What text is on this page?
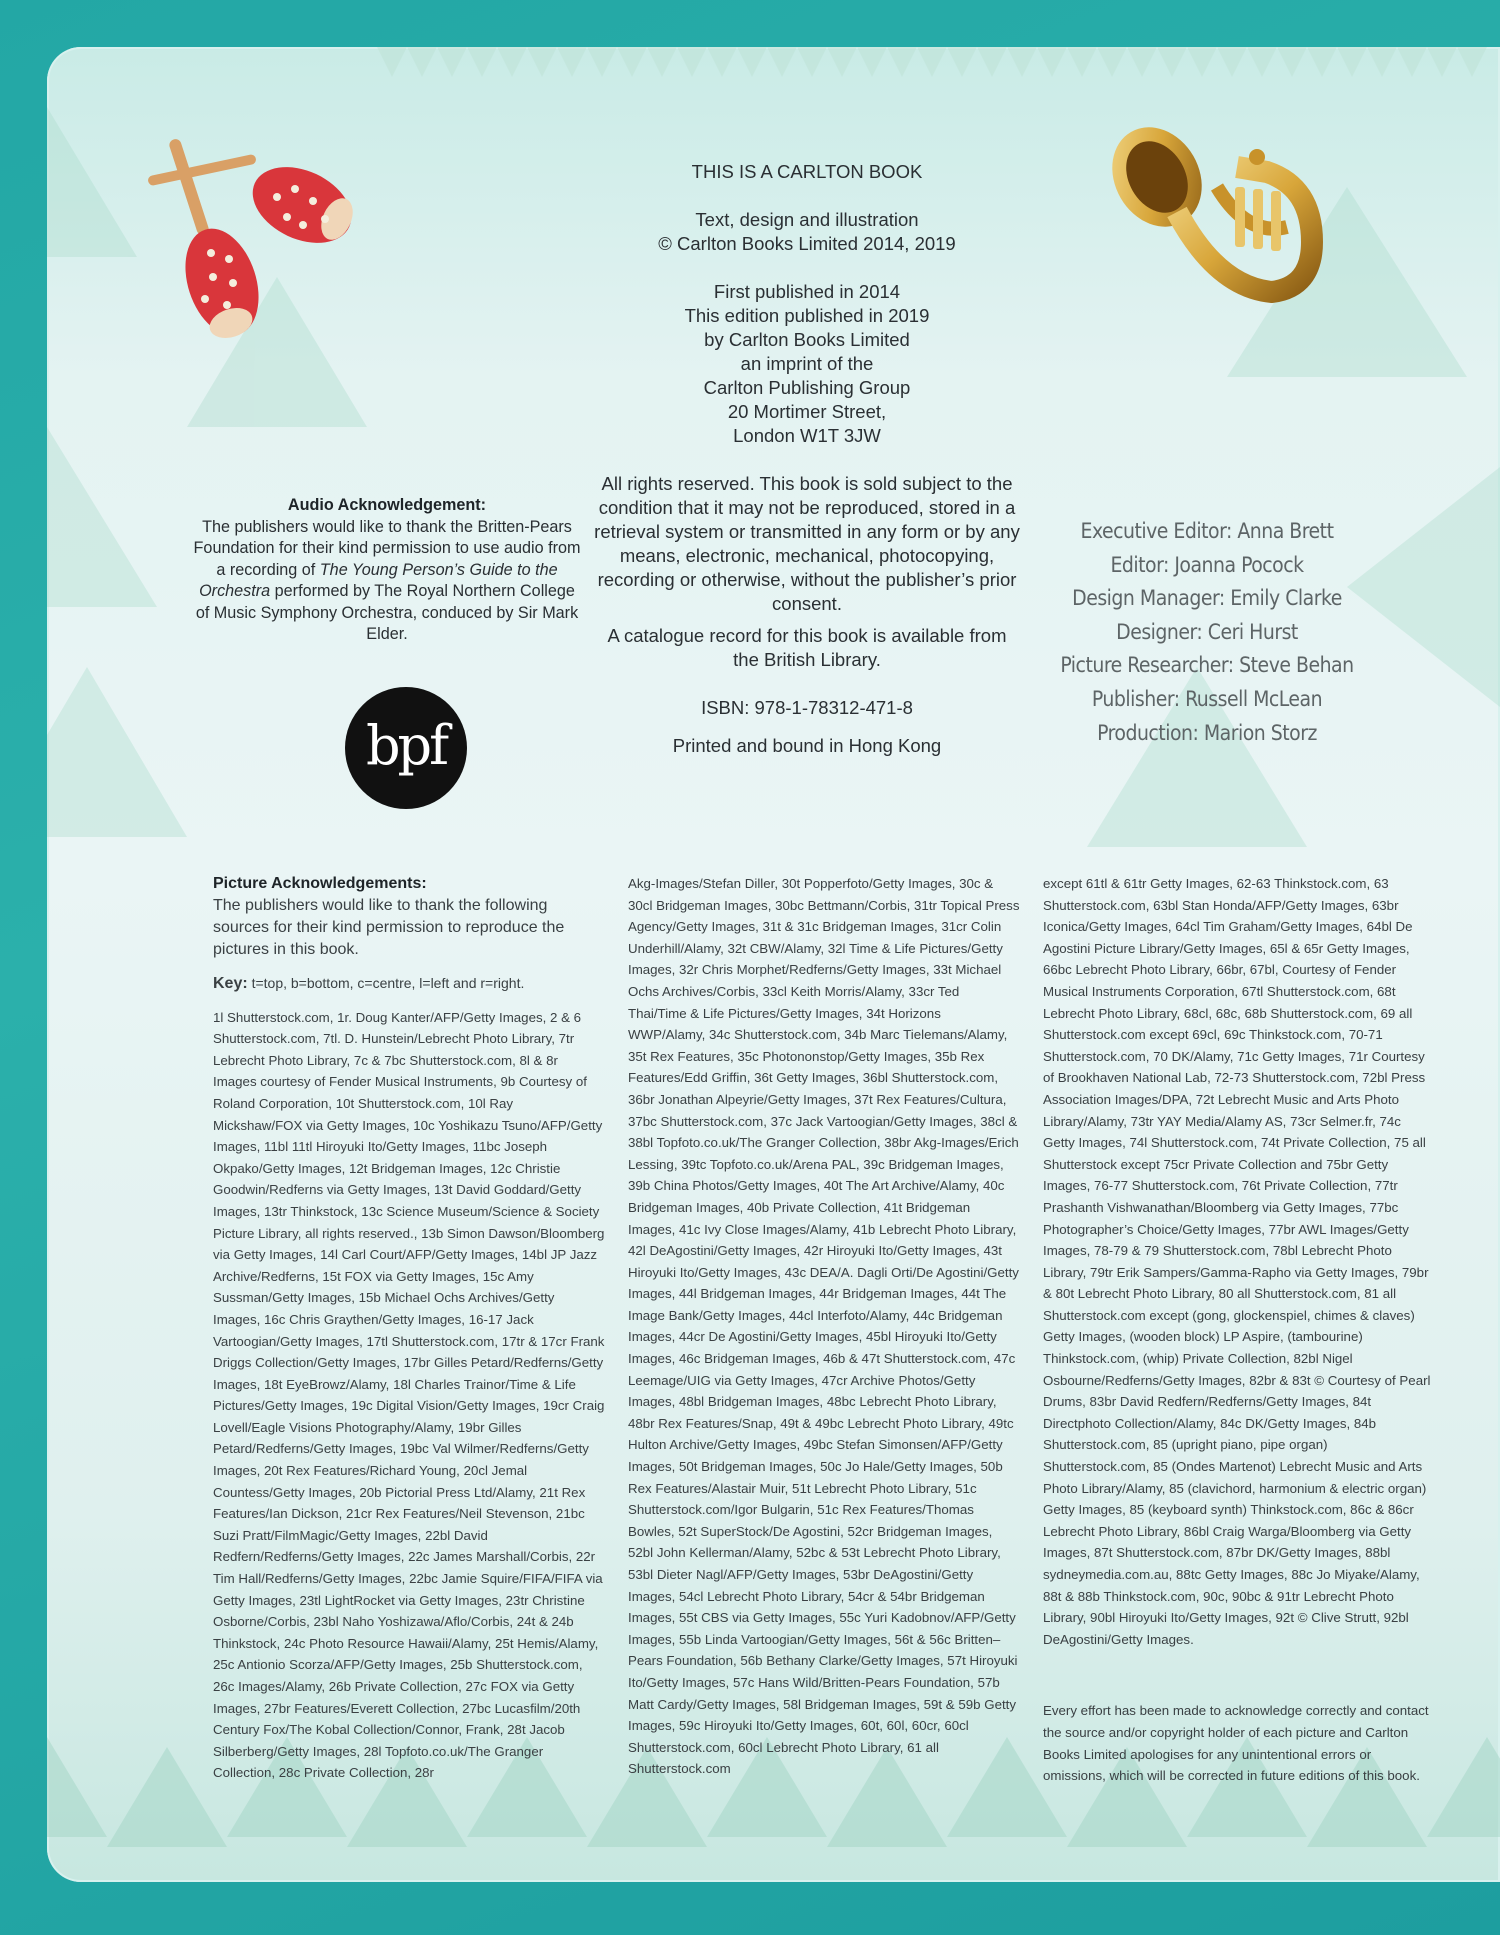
THIS IS A CARLTON BOOK

Text, design and illustration
© Carlton Books Limited 2014, 2019

First published in 2014
This edition published in 2019
by Carlton Books Limited
an imprint of the
Carlton Publishing Group
20 Mortimer Street,
London W1T 3JW

All rights reserved. This book is sold subject to the condition that it may not be reproduced, stored in a retrieval system or transmitted in any form or by any means, electronic, mechanical, photocopying, recording or otherwise, without the publisher’s prior consent.

A catalogue record for this book is available from the British Library.

ISBN: 978-1-78312-471-8

Printed and bound in Hong Kong

Audio Acknowledgement:
The publishers would like to thank the Britten-Pears Foundation for their kind permission to use audio from a recording of The Young Person’s Guide to the Orchestra performed by The Royal Northern College of Music Symphony Orchestra, conduced by Sir Mark Elder.
bpf
Executive Editor: Anna Brett
Editor: Joanna Pocock
Design Manager: Emily Clarke
Designer: Ceri Hurst
Picture Researcher: Steve Behan
Publisher: Russell McLean
Production: Marion Storz
Picture Acknowledgements:
The publishers would like to thank the following sources for their kind permission to reproduce the pictures in this book.
Key: t=top, b=bottom, c=centre, l=left and r=right.
1l Shutterstock.com, 1r. Doug Kanter/AFP/Getty Images, 2 & 6 Shutterstock.com, 7tl. D. Hunstein/Lebrecht Photo Library, 7tr Lebrecht Photo Library, 7c & 7bc Shutterstock.com, 8l & 8r Images courtesy of Fender Musical Instruments, 9b Courtesy of Roland Corporation, 10t Shutterstock.com, 10l Ray Mickshaw/FOX via Getty Images, 10c Yoshikazu Tsuno/AFP/Getty Images, 11bl 11tl Hiroyuki Ito/Getty Images, 11bc Joseph Okpako/Getty Images, 12t Bridgeman Images, 12c Christie Goodwin/Redferns via Getty Images, 13t David Goddard/Getty Images, 13tr Thinkstock, 13c Science Museum/Science & Society Picture Library, all rights reserved., 13b Simon Dawson/Bloomberg via Getty Images, 14l Carl Court/AFP/Getty Images, 14bl JP Jazz Archive/Redferns, 15t FOX via Getty Images, 15c Amy Sussman/Getty Images, 15b Michael Ochs Archives/Getty Images, 16c Chris Graythen/Getty Images, 16-17 Jack Vartoogian/Getty Images, 17tl Shutterstock.com, 17tr & 17cr Frank Driggs Collection/Getty Images, 17br Gilles Petard/Redferns/Getty Images, 18t EyeBrowz/Alamy, 18l Charles Trainor/Time & Life Pictures/Getty Images, 19c Digital Vision/Getty Images, 19cr Craig Lovell/Eagle Visions Photography/Alamy, 19br Gilles Petard/Redferns/Getty Images, 19bc Val Wilmer/Redferns/Getty Images, 20t Rex Features/Richard Young, 20cl Jemal Countess/Getty Images, 20b Pictorial Press Ltd/Alamy, 21t Rex Features/Ian Dickson, 21cr Rex Features/Neil Stevenson, 21bc Suzi Pratt/FilmMagic/Getty Images, 22bl David Redfern/Redferns/Getty Images, 22c James Marshall/Corbis, 22r Tim Hall/Redferns/Getty Images, 22bc Jamie Squire/FIFA/FIFA via Getty Images, 23tl LightRocket via Getty Images, 23tr Christine Osborne/Corbis, 23bl Naho Yoshizawa/Aflo/Corbis, 24t & 24b Thinkstock, 24c Photo Resource Hawaii/Alamy, 25t Hemis/Alamy, 25c Antionio Scorza/AFP/Getty Images, 25b Shutterstock.com, 26c Images/Alamy, 26b Private Collection, 27c FOX via Getty Images, 27br Features/Everett Collection, 27bc Lucasfilm/20th Century Fox/The Kobal Collection/Connor, Frank, 28t Jacob Silberberg/Getty Images, 28l Topfoto.co.uk/The Granger Collection, 28c Private Collection, 28r
Akg-Images/Stefan Diller, 30t Popperfoto/Getty Images, 30c & 30cl Bridgeman Images, 30bc Bettmann/Corbis, 31tr Topical Press Agency/Getty Images, 31t & 31c Bridgeman Images, 31cr Colin Underhill/Alamy, 32t CBW/Alamy, 32l Time & Life Pictures/Getty Images, 32r Chris Morphet/Redferns/Getty Images, 33t Michael Ochs Archives/Corbis, 33cl Keith Morris/Alamy, 33cr Ted Thai/Time & Life Pictures/Getty Images, 34t Horizons WWP/Alamy, 34c Shutterstock.com, 34b Marc Tielemans/Alamy, 35t Rex Features, 35c Photononstop/Getty Images, 35b Rex Features/Edd Griffin, 36t Getty Images, 36bl Shutterstock.com, 36br Jonathan Alpeyrie/Getty Images, 37t Rex Features/Cultura, 37bc Shutterstock.com, 37c Jack Vartoogian/Getty Images, 38cl & 38bl Topfoto.co.uk/The Granger Collection, 38br Akg-Images/Erich Lessing, 39tc Topfoto.co.uk/Arena PAL, 39c Bridgeman Images, 39b China Photos/Getty Images, 40t The Art Archive/Alamy, 40c Bridgeman Images, 40b Private Collection, 41t Bridgeman Images, 41c Ivy Close Images/Alamy, 41b Lebrecht Photo Library, 42l DeAgostini/Getty Images, 42r Hiroyuki Ito/Getty Images, 43t Hiroyuki Ito/Getty Images, 43c DEA/A. Dagli Orti/De Agostini/Getty Images, 44l Bridgeman Images, 44r Bridgeman Images, 44t The Image Bank/Getty Images, 44cl Interfoto/Alamy, 44c Bridgeman Images, 44cr De Agostini/Getty Images, 45bl Hiroyuki Ito/Getty Images, 46c Bridgeman Images, 46b & 47t Shutterstock.com, 47c Leemage/UIG via Getty Images, 47cr Archive Photos/Getty Images, 48bl Bridgeman Images, 48bc Lebrecht Photo Library, 48br Rex Features/Snap, 49t & 49bc Lebrecht Photo Library, 49tc Hulton Archive/Getty Images, 49bc Stefan Simonsen/AFP/Getty Images, 50t Bridgeman Images, 50c Jo Hale/Getty Images, 50b Rex Features/Alastair Muir, 51t Lebrecht Photo Library, 51c Shutterstock.com/Igor Bulgarin, 51c Rex Features/Thomas Bowles, 52t SuperStock/De Agostini, 52cr Bridgeman Images, 52bl John Kellerman/Alamy, 52bc & 53t Lebrecht Photo Library, 53bl Dieter Nagl/AFP/Getty Images, 53br DeAgostini/Getty Images, 54cl Lebrecht Photo Library, 54cr & 54br Bridgeman Images, 55t CBS via Getty Images, 55c Yuri Kadobnov/AFP/Getty Images, 55b Linda Vartoogian/Getty Images, 56t & 56c Britten–Pears Foundation, 56b Bethany Clarke/Getty Images, 57t Hiroyuki Ito/Getty Images, 57c Hans Wild/Britten-Pears Foundation, 57b Matt Cardy/Getty Images, 58l Bridgeman Images, 59t & 59b Getty Images, 59c Hiroyuki Ito/Getty Images, 60t, 60l, 60cr, 60cl Shutterstock.com, 60cl Lebrecht Photo Library, 61 all Shutterstock.com
except 61tl & 61tr Getty Images, 62-63 Thinkstock.com, 63 Shutterstock.com, 63bl Stan Honda/AFP/Getty Images, 63br Iconica/Getty Images, 64cl Tim Graham/Getty Images, 64bl De Agostini Picture Library/Getty Images, 65l & 65r Getty Images, 66bc Lebrecht Photo Library, 66br, 67bl, Courtesy of Fender Musical Instruments Corporation, 67tl Shutterstock.com, 68t Lebrecht Photo Library, 68cl, 68c, 68b Shutterstock.com, 69 all Shutterstock.com except 69cl, 69c Thinkstock.com, 70-71 Shutterstock.com, 70 DK/Alamy, 71c Getty Images, 71r Courtesy of Brookhaven National Lab, 72-73 Shutterstock.com, 72bl Press Association Images/DPA, 72t Lebrecht Music and Arts Photo Library/Alamy, 73tr YAY Media/Alamy AS, 73cr Selmer.fr, 74c Getty Images, 74l Shutterstock.com, 74t Private Collection, 75 all Shutterstock except 75cr Private Collection and 75br Getty Images, 76-77 Shutterstock.com, 76t Private Collection, 77tr Prashanth Vishwanathan/Bloomberg via Getty Images, 77bc Photographer’s Choice/Getty Images, 77br AWL Images/Getty Images, 78-79 & 79 Shutterstock.com, 78bl Lebrecht Photo Library, 79tr Erik Sampers/Gamma-Rapho via Getty Images, 79br & 80t Lebrecht Photo Library, 80 all Shutterstock.com, 81 all Shutterstock.com except (gong, glockenspiel, chimes & claves) Getty Images, (wooden block) LP Aspire, (tambourine) Thinkstock.com, (whip) Private Collection, 82bl Nigel Osbourne/Redferns/Getty Images, 82br & 83t © Courtesy of Pearl Drums, 83br David Redfern/Redferns/Getty Images, 84t Directphoto Collection/Alamy, 84c DK/Getty Images, 84b Shutterstock.com, 85 (upright piano, pipe organ) Shutterstock.com, 85 (Ondes Martenot) Lebrecht Music and Arts Photo Library/Alamy, 85 (clavichord, harmonium & electric organ) Getty Images, 85 (keyboard synth) Thinkstock.com, 86c & 86cr Lebrecht Photo Library, 86bl Craig Warga/Bloomberg via Getty Images, 87t Shutterstock.com, 87br DK/Getty Images, 88bl sydneymedia.com.au, 88tc Getty Images, 88c Jo Miyake/Alamy, 88t & 88b Thinkstock.com, 90c, 90bc & 91tr Lebrecht Photo Library, 90bl Hiroyuki Ito/Getty Images, 92t © Clive Strutt, 92bl DeAgostini/Getty Images.
Every effort has been made to acknowledge correctly and contact the source and/or copyright holder of each picture and Carlton Books Limited apologises for any unintentional errors or omissions, which will be corrected in future editions of this book.
